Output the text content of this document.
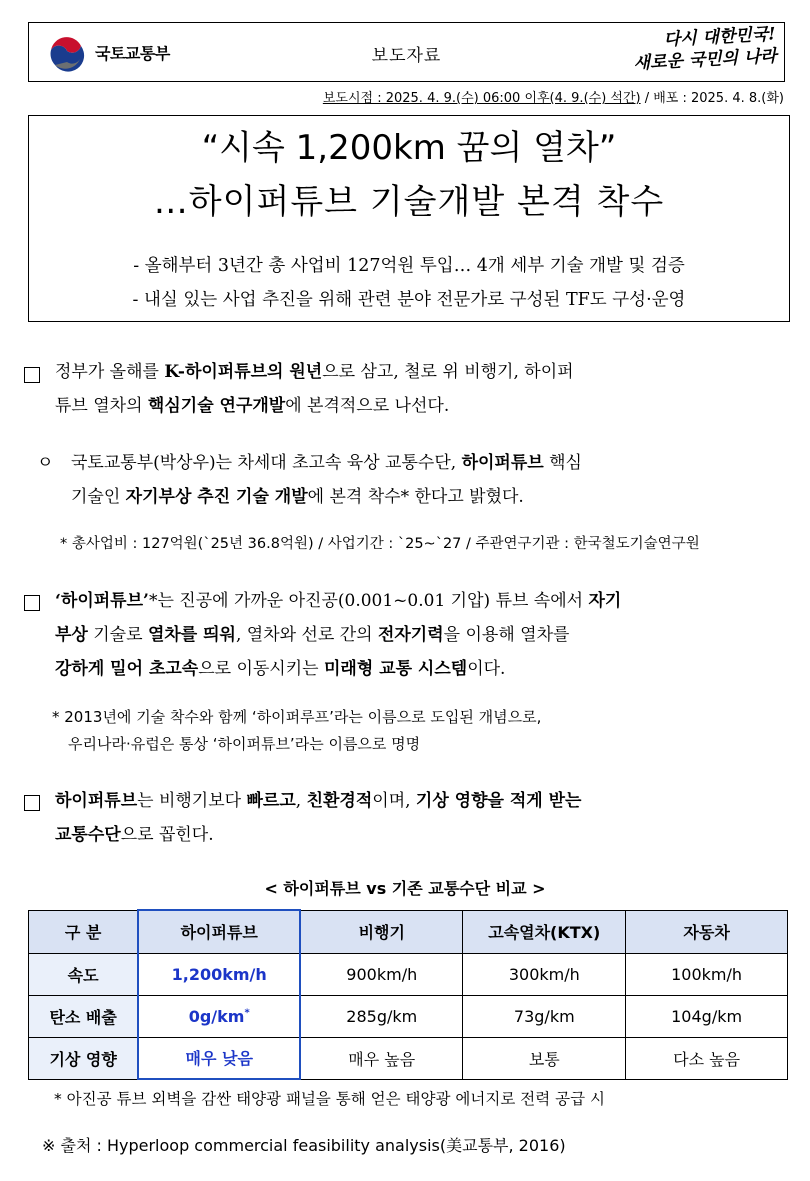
국토교통부	보도자료
다시 대한민국!
새로운 국민의 나라
보도시점 : 2025. 4. 9.(수) 06:00 이후(4. 9.(수) 석간) / 배포 : 2025. 4. 8.(화)
“시속 1,200km 꿈의 열차”
…하이퍼튜브 기술개발 본격 착수
- 올해부터 3년간 총 사업비 127억원 투입… 4개 세부 기술 개발 및 검증
- 내실 있는 사업 추진을 위해 관련 분야 전문가로 구성된 TF도 구성·운영
정부가 올해를 K-하이퍼튜브의 원년으로 삼고, 철로 위 비행기, 하이퍼
튜브 열차의 핵심기술 연구개발에 본격적으로 나선다.
ㅇ 국토교통부(박상우)는 차세대 초고속 육상 교통수단, 하이퍼튜브 핵심
기술인 자기부상 추진 기술 개발에 본격 착수* 한다고 밝혔다.
* 총사업비 : 127억원(`25년 36.8억원) / 사업기간 : `25~`27 / 주관연구기관 : 한국철도기술연구원
‘하이퍼튜브’*는 진공에 가까운 아진공(0.001~0.01 기압) 튜브 속에서 자기
부상 기술로 열차를 띄워, 열차와 선로 간의 전자기력을 이용해 열차를
강하게 밀어 초고속으로 이동시키는 미래형 교통 시스템이다.
* 2013년에 기술 착수와 함께 ‘하이퍼루프’라는 이름으로 도입된 개념으로,
우리나라·유럽은 통상 ‘하이퍼튜브’라는 이름으로 명명
하이퍼튜브는 비행기보다 빠르고, 친환경적이며, 기상 영향을 적게 받는
교통수단으로 꼽힌다.
< 하이퍼튜브 vs 기존 교통수단 비교 >
구 분	하이퍼튜브	비행기	고속열차(KTX)	자동차
속도	1,200km/h	900km/h	300km/h	100km/h
탄소 배출	0g/km*	285g/km	73g/km	104g/km
기상 영향	매우 낮음	매우 높음	보통	다소 높음
* 아진공 튜브 외벽을 감싼 태양광 패널을 통해 얻은 태양광 에너지로 전력 공급 시
※ 출처 : Hyperloop commercial feasibility analysis(美교통부, 2016)
